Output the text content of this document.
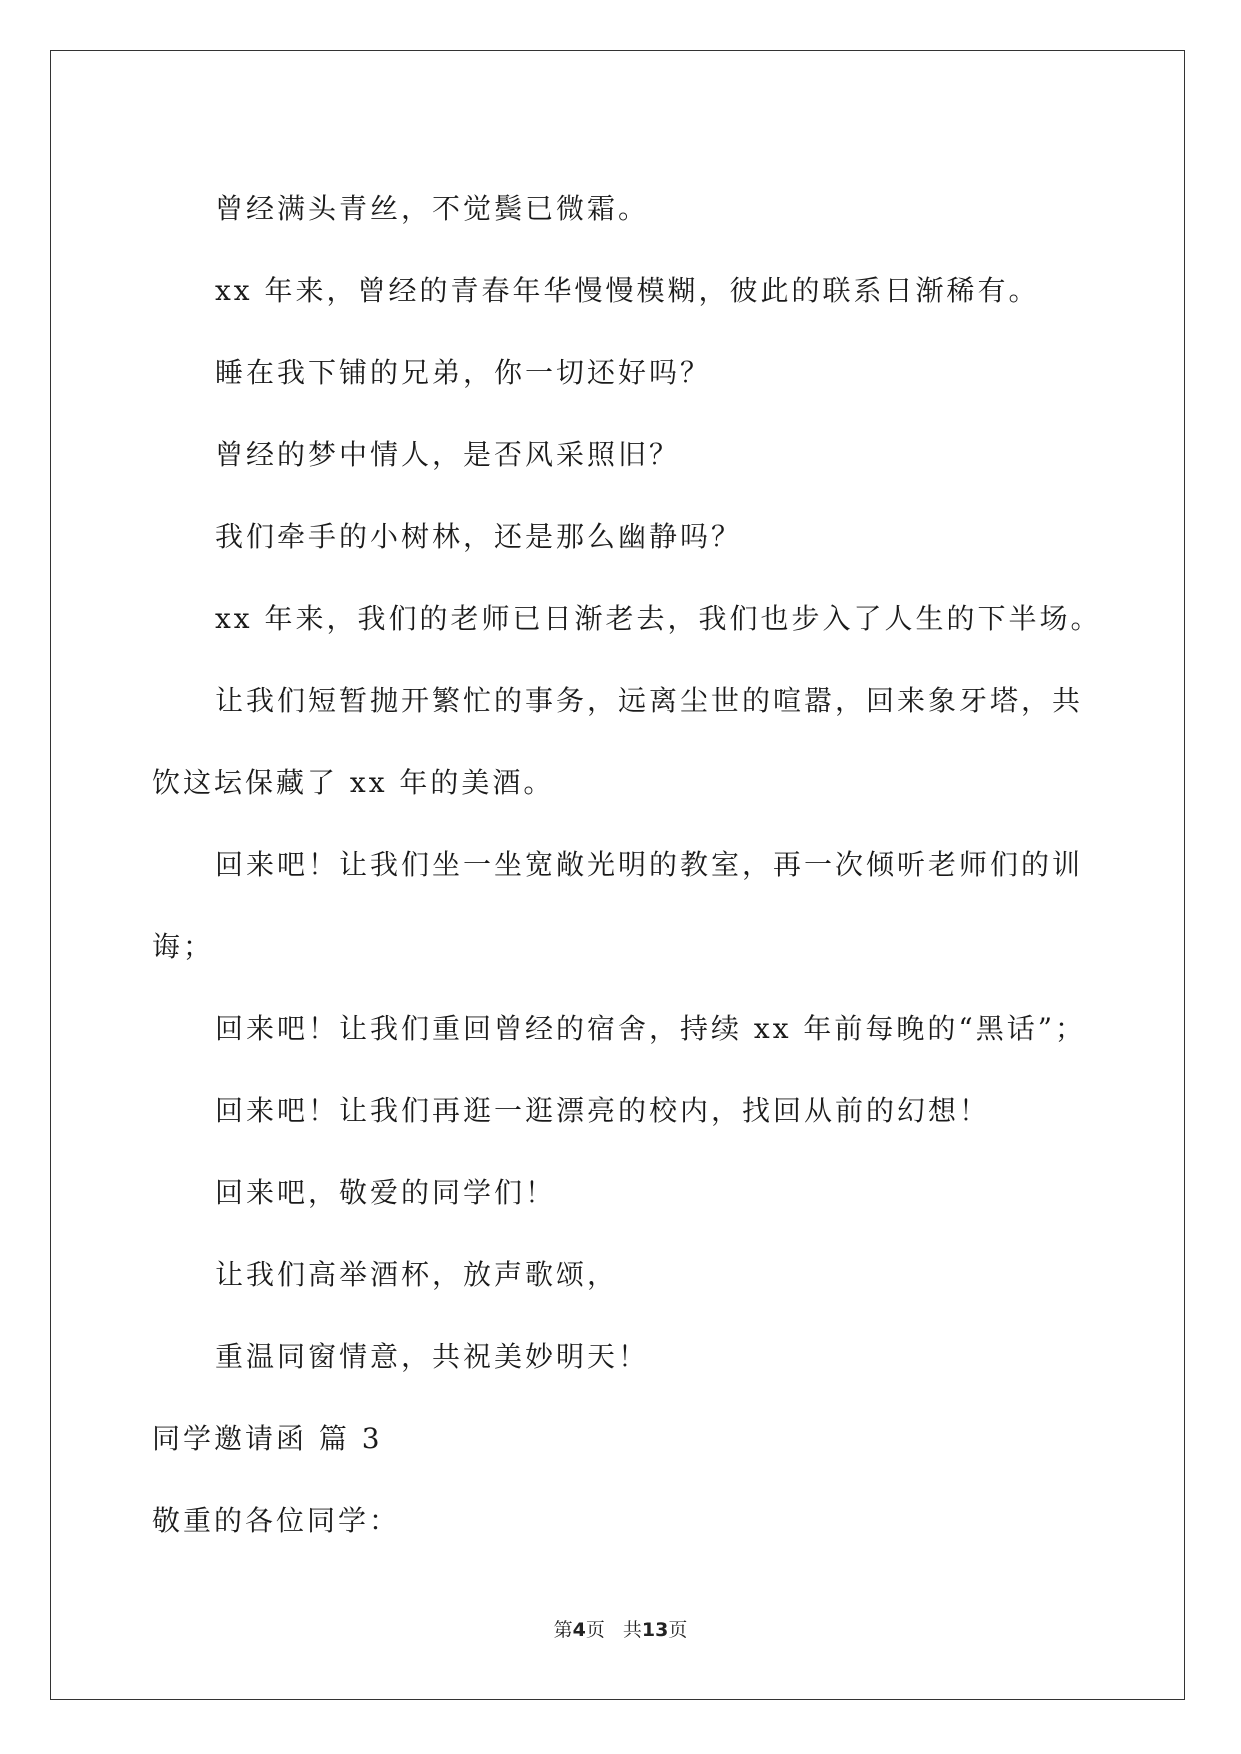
曾经满头青丝，不觉鬓已微霜。
xx 年来，曾经的青春年华慢慢模糊，彼此的联系日渐稀有。
睡在我下铺的兄弟，你一切还好吗？
曾经的梦中情人，是否风采照旧？
我们牵手的小树林，还是那么幽静吗？
xx 年来，我们的老师已日渐老去，我们也步入了人生的下半场。
让我们短暂抛开繁忙的事务，远离尘世的喧嚣，回来象牙塔，共
饮这坛保藏了 xx 年的美酒。
回来吧！让我们坐一坐宽敞光明的教室，再一次倾听老师们的训
诲；
回来吧！让我们重回曾经的宿舍，持续 xx 年前每晚的“黑话”；
回来吧！让我们再逛一逛漂亮的校内，找回从前的幻想！
回来吧，敬爱的同学们！
让我们高举酒杯，放声歌颂，
重温同窗情意，共祝美妙明天！
同学邀请函 篇 3
敬重的各位同学：
第4页 共13页
